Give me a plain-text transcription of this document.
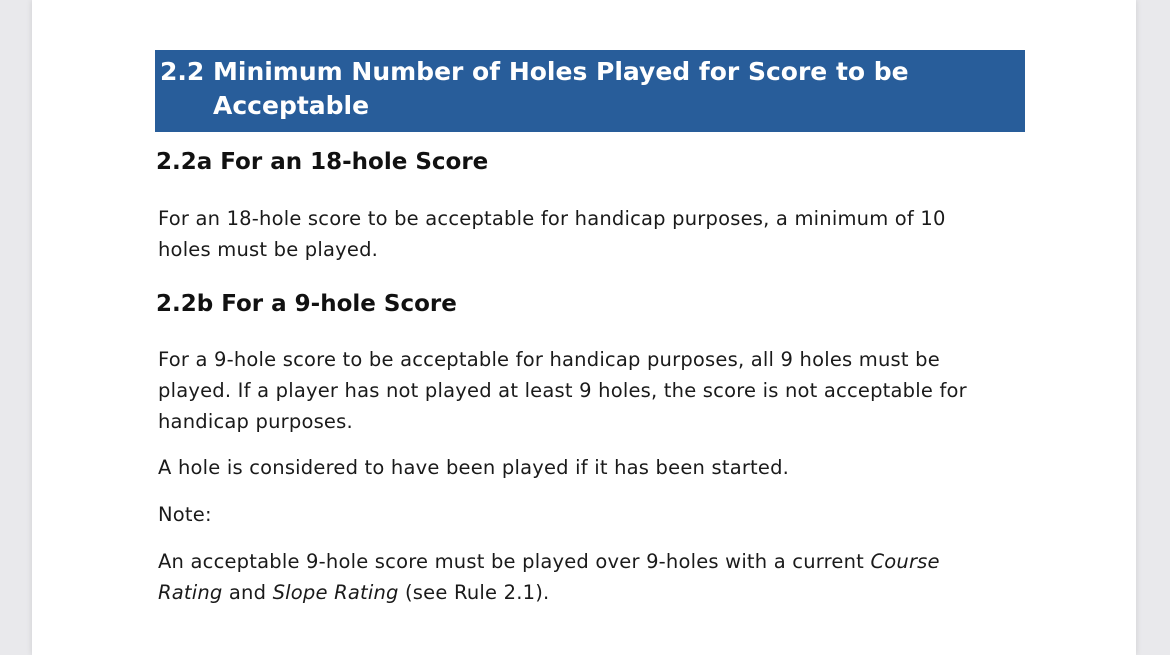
2.2 Minimum Number of Holes Played for Score to be
Acceptable
2.2a For an 18-hole Score
For an 18-hole score to be acceptable for handicap purposes, a minimum of 10
holes must be played.
2.2b For a 9-hole Score
For a 9-hole score to be acceptable for handicap purposes, all 9 holes must be
played. If a player has not played at least 9 holes, the score is not acceptable for
handicap purposes.
A hole is considered to have been played if it has been started.
Note:
An acceptable 9-hole score must be played over 9-holes with a current Course
Rating and Slope Rating (see Rule 2.1).
